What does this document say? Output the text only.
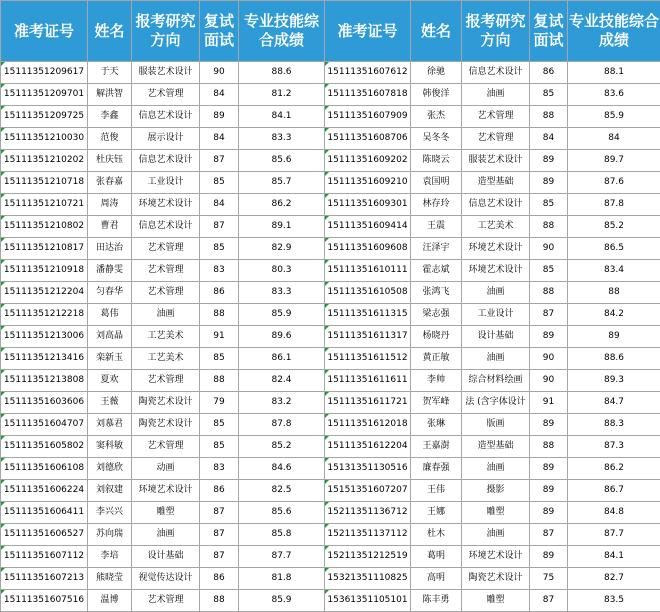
准考证号	姓名	报考研究方向	复试面试	专业技能综合成绩	准考证号	姓名	报考研究方向	复试面试	专业技能综合成绩
15111351209617	于天	服装艺术设计	90	88.6	15111351607612	徐驰	信息艺术设计	86	88.1
15111351209701	解洪智	艺术管理	84	81.2	15111351607818	韩俊洋	油画	85	83.6
15111351209725	李鑫	信息艺术设计	89	84.1	15111351607909	张杰	艺术管理	88	85.9
15111351210030	范俊	展示设计	84	83.3	15111351608706	吴冬冬	艺术管理	84	84
15111351210202	杜庆钰	信息艺术设计	87	85.6	15111351609202	陈晓云	服装艺术设计	89	89.7
15111351210718	张春嘉	工业设计	85	85.7	15111351609210	袁国明	造型基础	89	87.6
15111351210721	周涛	环境艺术设计	84	86.2	15111351609301	林存玲	信息艺术设计	85	87.8
15111351210802	曹君	信息艺术设计	87	89.1	15111351609414	王震	工艺美术	88	85.2
15111351210817	田达治	艺术管理	85	82.9	15111351609608	汪泽宇	环境艺术设计	90	86.5
15111351210918	潘静雯	艺术管理	83	80.3	15111351610111	霍志斌	环境艺术设计	85	83.4
15111351212204	匀春华	艺术管理	86	83.3	15111351610508	张鸿飞	油画	88	88
15111351212218	葛伟	油画	88	85.9	15111351611315	梁志强	工业设计	87	84.2
15111351213006	刘高晶	工艺美术	91	89.6	15111351611317	杨晓丹	设计基础	89	89
15111351213416	栾新玉	工艺美术	85	86.1	15111351611512	黄正敏	油画	90	88.6
15111351213808	夏欢	艺术管理	88	82.4	15111351611611	李帅	综合材料绘画	90	89.3
15111351603606	王薇	陶瓷艺术设计	79	83.2	15111351611721	贺军峰	法 (含字体设计	91	84.7
15111351604707	刘慕君	陶瓷艺术设计	85	87.8	15111351612018	张琳	版画	89	88.3
15111351605802	窦科敏	艺术管理	85	85.2	15111351612204	王嘉澍	造型基础	88	87.3
15111351606108	刘德欣	动画	83	84.6	15131351130516	廉春强	油画	89	86.2
15111351606224	刘叙建	环境艺术设计	86	82.5	15151351607207	王伟	摄影	89	86.7
15111351606411	李兴兴	雕塑	87	85.6	15211351136712	王娜	雕塑	89	84.8
15111351606527	苏向瑞	油画	87	85.8	15211351137112	杜木	油画	87	87.7
15111351607112	李培	设计基础	87	87.7	15211351212519	葛明	环境艺术设计	89	84.1
15111351607213	熊晓莹	视觉传达设计	86	81.8	15321351110825	高明	陶瓷艺术设计	75	82.7
15111351607516	温博	艺术管理	88	85.9	15361351105101	陈丰勇	雕塑	87	83.5
